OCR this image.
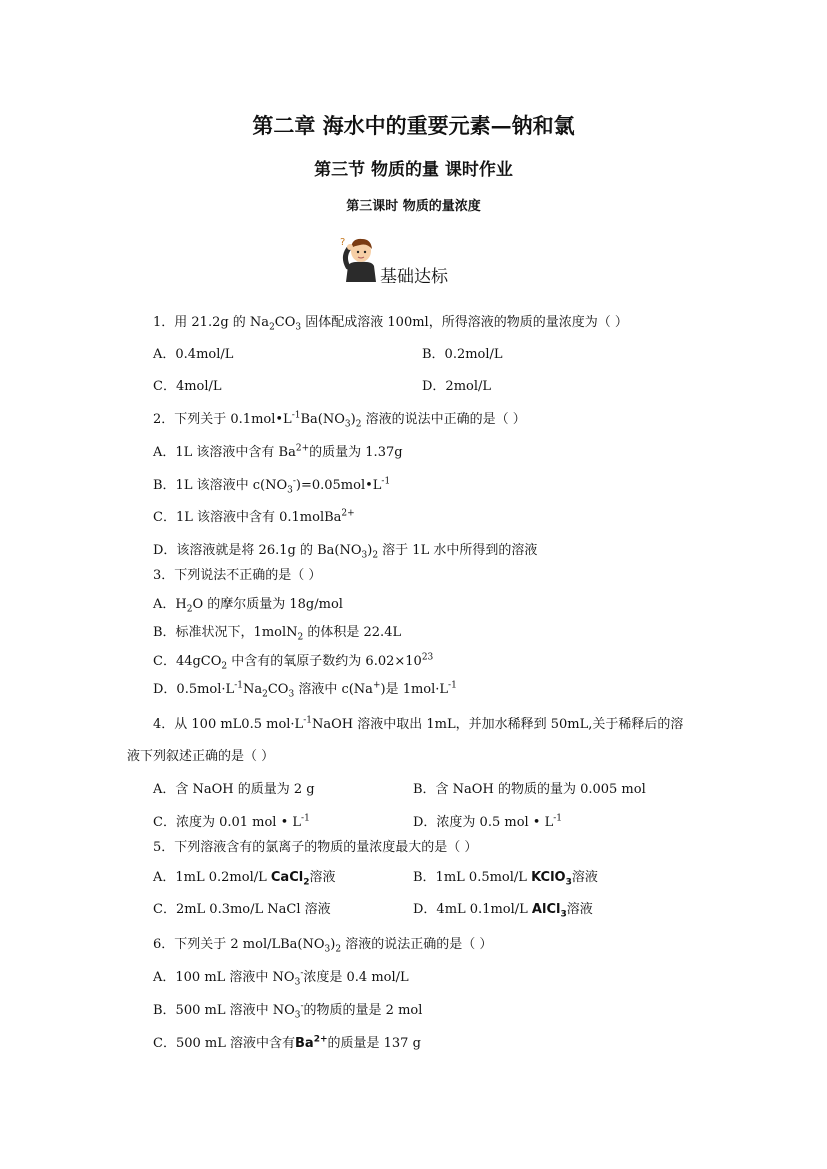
第二章 海水中的重要元素—钠和氯
第三节 物质的量 课时作业
第三课时 物质的量浓度
?
基础达标
1．用 21.2g 的 $Na_2CO_3$ 固体配成溶液 100ml，所得溶液的物质的量浓度为（ ）
A．0.4mol/L	B．0.2mol/L
C．4mol/L	D．2mol/L
2．下列关于 $0.1mol•L^{-1}Ba(NO_3)_2$ 溶液的说法中正确的是（ ）
A．1L 该溶液中含有 $Ba^{2+}$的质量为 1.37g
B．1L 该溶液中 $c(NO_3^-)=0.05mol•L^{-1}$
C．1L 该溶液中含有 0.1molBa$^{2+}$
D．该溶液就是将 26.1g 的 $Ba(NO_3)_2$ 溶于 1L 水中所得到的溶液
3．下列说法不正确的是（ ）
A．$H_2O$ 的摩尔质量为 18g/mol
B．标准状况下，1molN$_2$ 的体积是 22.4L
C．44gCO$_2$ 中含有的氧原子数约为 $6.02\times 10^{23}$
D．$0.5mol\cdot L^{-1}Na_2CO_3$ 溶液中 c(Na+)是 $1mol\cdot L^{-1}$
4．从 100 mL0.5 $mol\cdot L^{-1}NaOH$ 溶液中取出 1mL，并加水稀释到 50mL,关于稀释后的溶
液下列叙述正确的是（ ）
A．含 NaOH 的质量为 2 g	B．含 NaOH 的物质的量为 0.005 mol
C．浓度为 0.01 mol • $L^{-1}$	D．浓度为 0.5 mol • $L^{-1}$
5．下列溶液含有的氯离子的物质的量浓度最大的是（ ）
A．1mL 0.2mol/L CaCl$_2$溶液	B．1mL 0.5mol/L KClO$_3$溶液
C．2mL 0.3mo/L NaCl 溶液	D．4mL 0.1mol/L AlCl$_3$溶液
6．下列关于 2 mol/$LBa(NO_3)_2$ 溶液的说法正确的是（ ）
A．100 mL 溶液中 $NO_3^-$浓度是 0.4 mol/L
B．500 mL 溶液中 $NO_3^-$的物质的量是 2 mol
C．500 mL 溶液中含有$Ba^{2+}$的质量是 137 g
